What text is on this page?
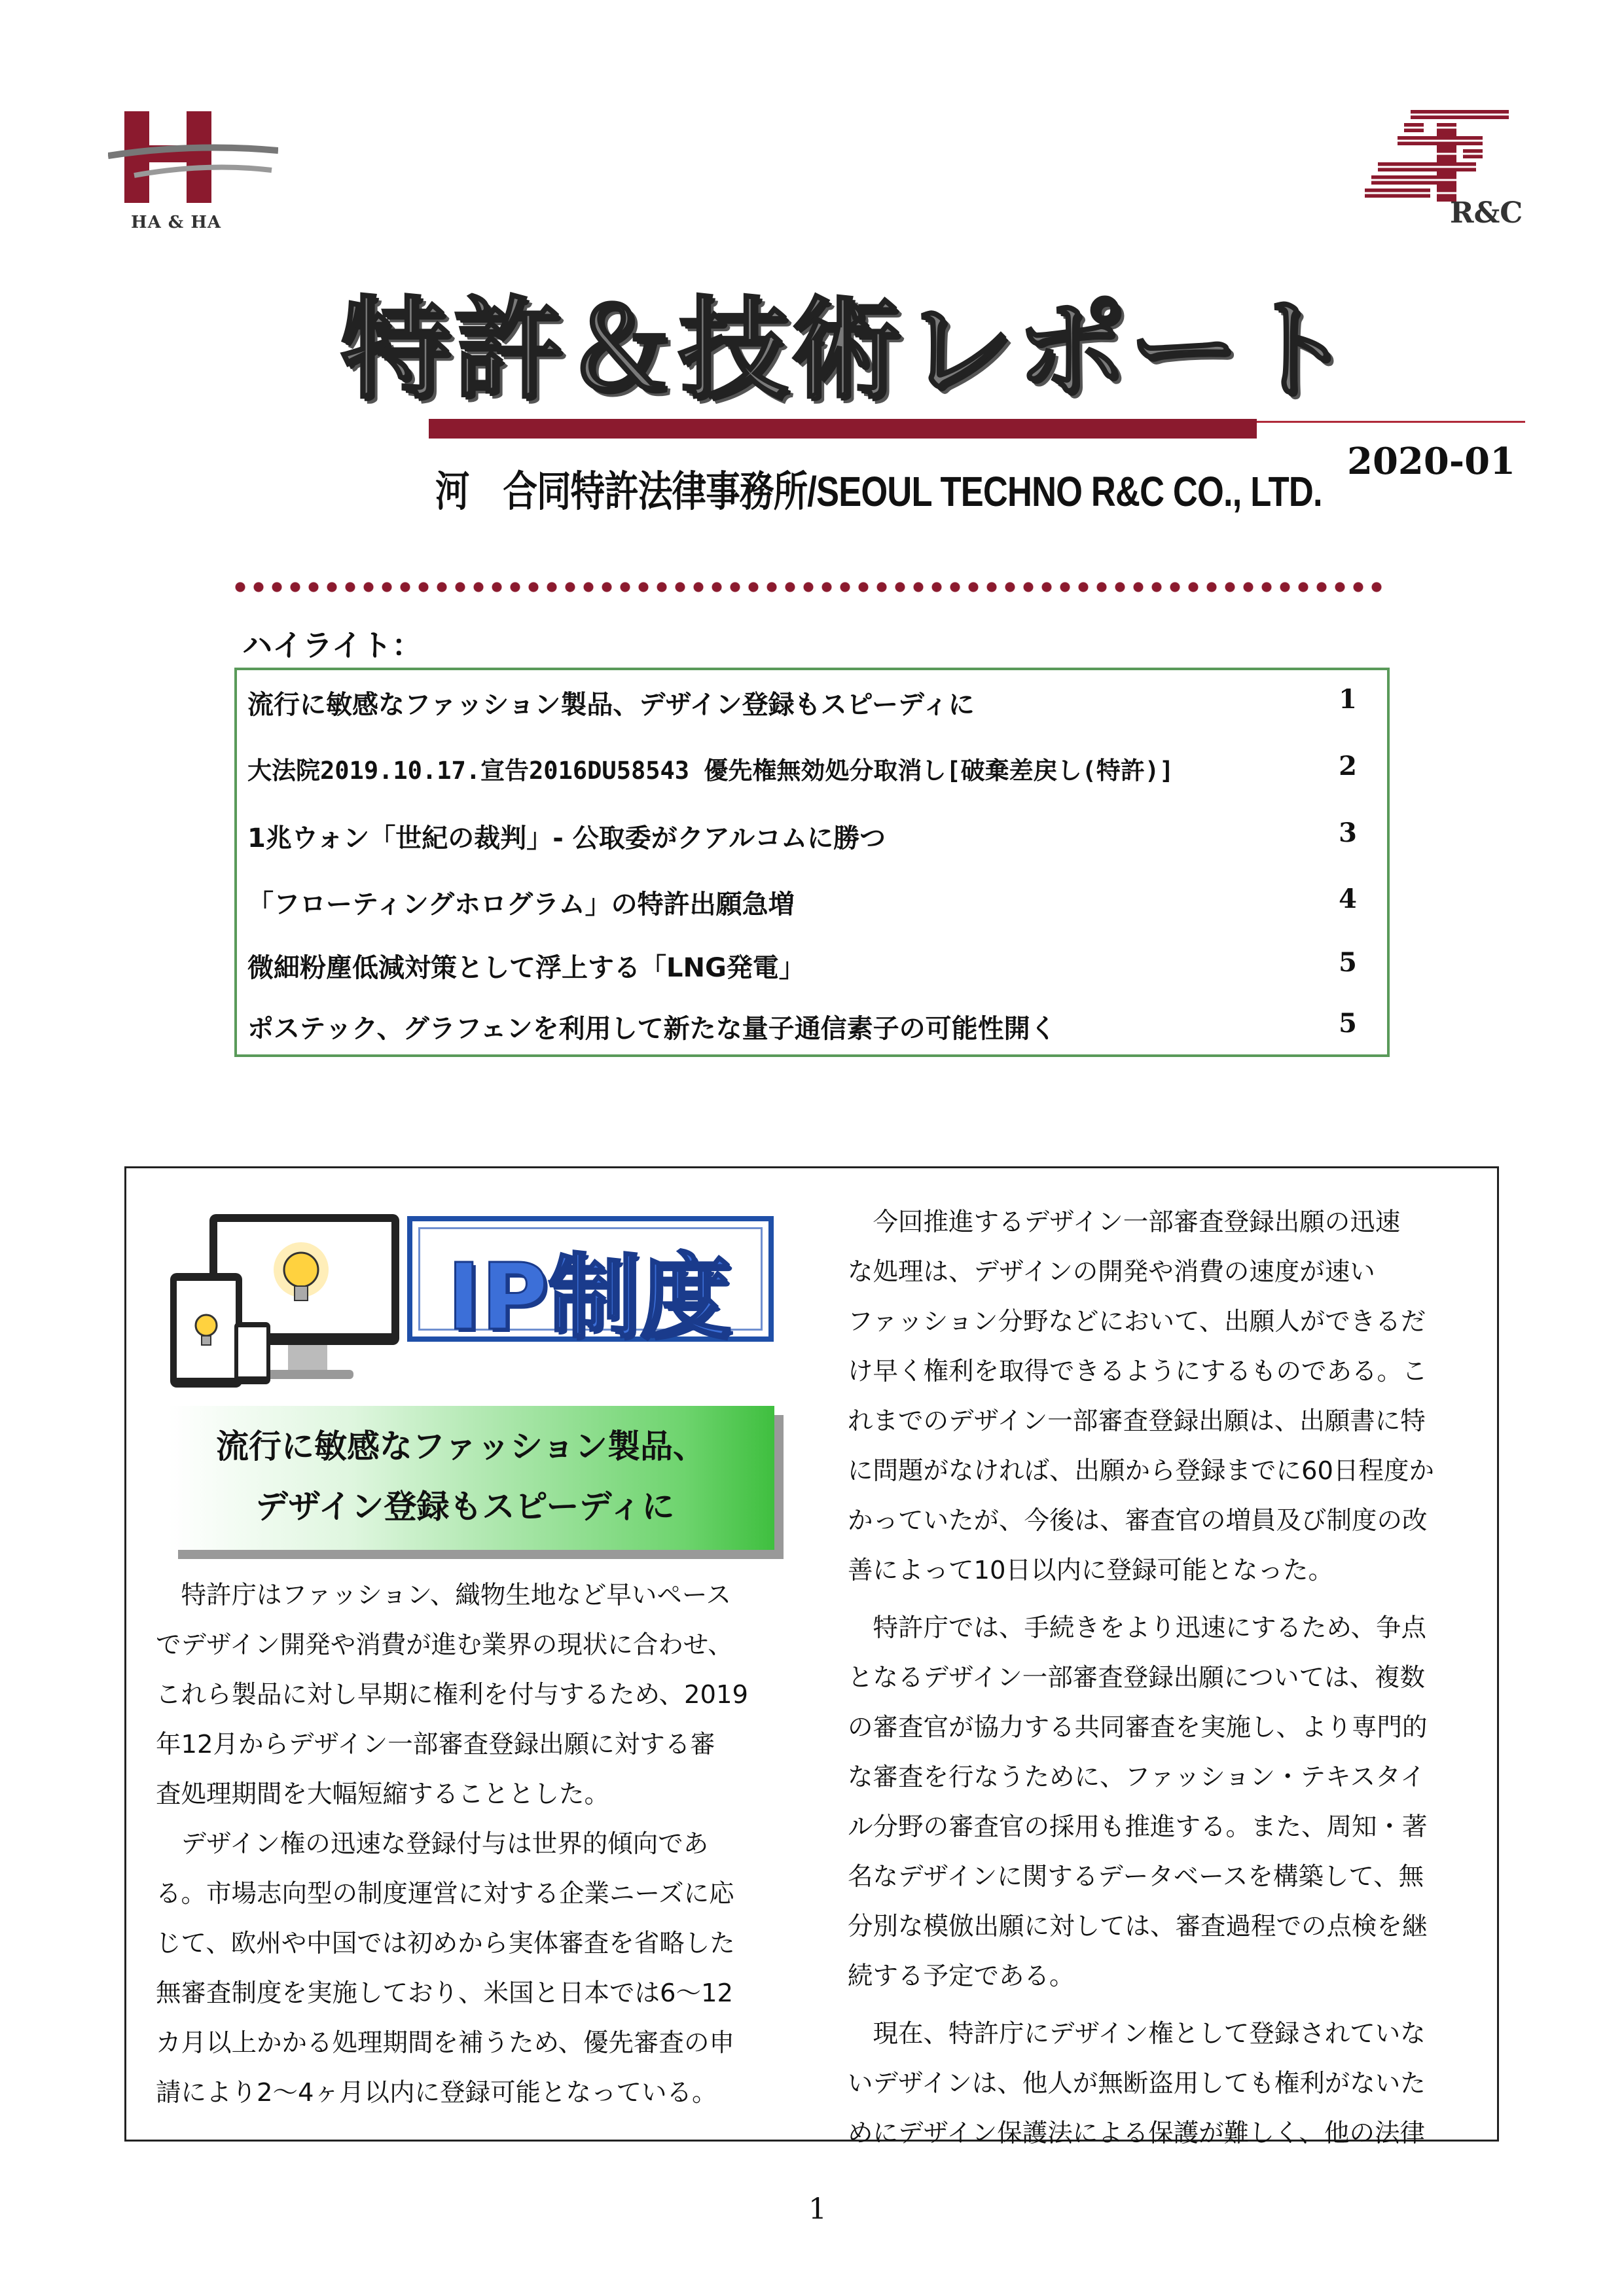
HA & HA	R&C
特許＆技術レポート
河　合同特許法律事務所/SEOUL TECHNO R&C CO., LTD.
2020-01
ハイライト：
流行に敏感なファッション製品、デザイン登録もスピーディに	1
大法院2019.10.17.宣告2016DU58543 優先権無効処分取消し[破棄差戻し(特許)]	2
1兆ウォン「世紀の裁判」- 公取委がクアルコムに勝つ	3
「フローティングホログラム」の特許出願急増	4
微細粉塵低減対策として浮上する「LNG発電」	5
ポステック、グラフェンを利用して新たな量子通信素子の可能性開く	5
IP制度
流行に敏感なファッション製品、
デザイン登録もスピーディに
　特許庁はファッション、織物生地など早いペース
でデザイン開発や消費が進む業界の現状に合わせ、
これら製品に対し早期に権利を付与するため、2019
年12月からデザイン一部審査登録出願に対する審
査処理期間を大幅短縮することとした。
　デザイン権の迅速な登録付与は世界的傾向であ
る。市場志向型の制度運営に対する企業ニーズに応
じて、欧州や中国では初めから実体審査を省略した
無審査制度を実施しており、米国と日本では6～12
カ月以上かかる処理期間を補うため、優先審査の申
請により2～4ヶ月以内に登録可能となっている。
　今回推進するデザイン一部審査登録出願の迅速
な処理は、デザインの開発や消費の速度が速い
ファッション分野などにおいて、出願人ができるだ
け早く権利を取得できるようにするものである。こ
れまでのデザイン一部審査登録出願は、出願書に特
に問題がなければ、出願から登録までに60日程度か
かっていたが、今後は、審査官の増員及び制度の改
善によって10日以内に登録可能となった。
　特許庁では、手続きをより迅速にするため、争点
となるデザイン一部審査登録出願については、複数
の審査官が協力する共同審査を実施し、より専門的
な審査を行なうために、ファッション・テキスタイ
ル分野の審査官の採用も推進する。また、周知・著
名なデザインに関するデータベースを構築して、無
分別な模倣出願に対しては、審査過程での点検を継
続する予定である。
　現在、特許庁にデザイン権として登録されていな
いデザインは、他人が無断盗用しても権利がないた
めにデザイン保護法による保護が難しく、他の法律
1
